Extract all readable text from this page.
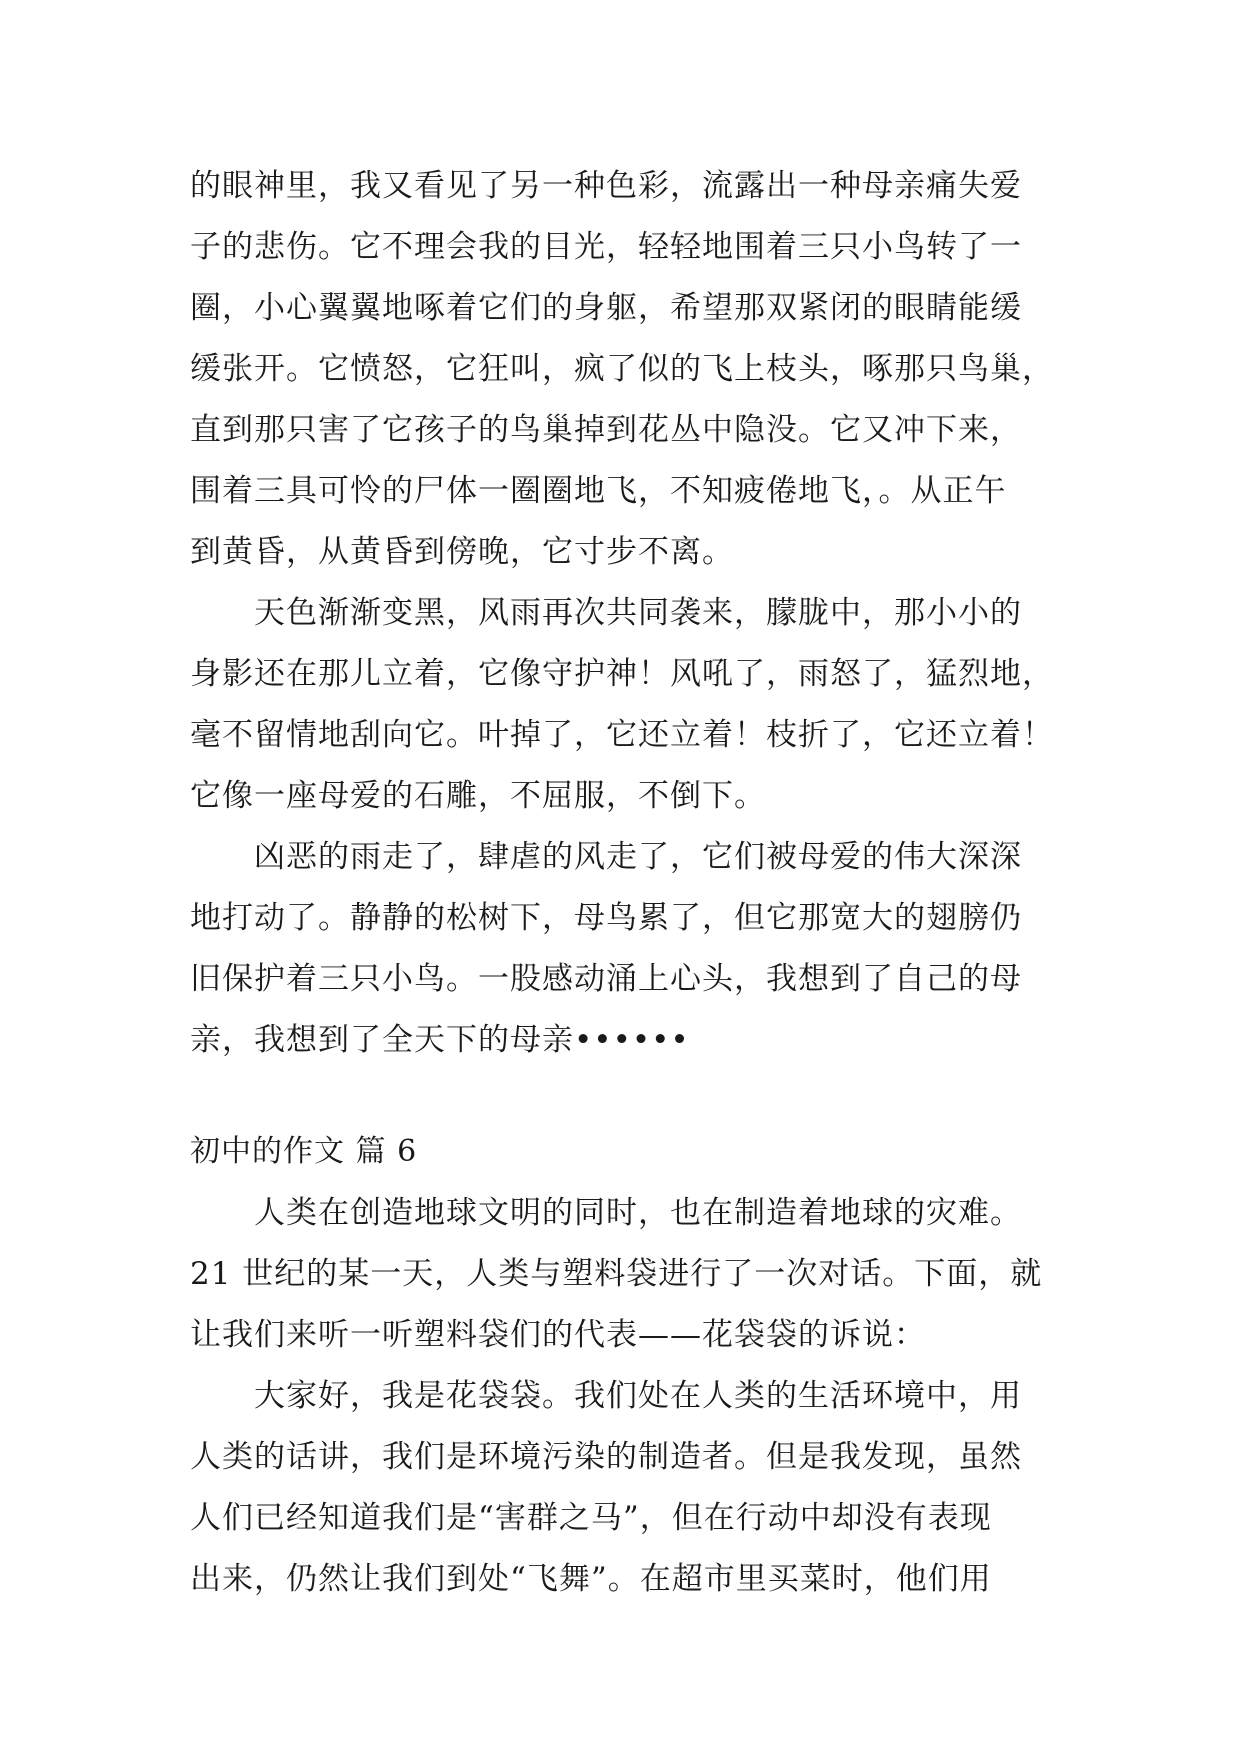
的眼神里，我又看见了另一种色彩，流露出一种母亲痛失爱
子的悲伤。它不理会我的目光，轻轻地围着三只小鸟转了一
圈，小心翼翼地啄着它们的身躯，希望那双紧闭的眼睛能缓
缓张开。它愤怒，它狂叫，疯了似的飞上枝头，啄那只鸟巢，
直到那只害了它孩子的鸟巢掉到花丛中隐没。它又冲下来，
围着三具可怜的尸体一圈圈地飞，不知疲倦地飞，。从正午
到黄昏，从黄昏到傍晚，它寸步不离。
　　天色渐渐变黑，风雨再次共同袭来，朦胧中，那小小的
身影还在那儿立着，它像守护神！风吼了，雨怒了，猛烈地，
毫不留情地刮向它。叶掉了，它还立着！枝折了，它还立着！
它像一座母爱的石雕，不屈服，不倒下。
　　凶恶的雨走了，肆虐的风走了，它们被母爱的伟大深深
地打动了。静静的松树下，母鸟累了，但它那宽大的翅膀仍
旧保护着三只小鸟。一股感动涌上心头，我想到了自己的母
亲，我想到了全天下的母亲••••••
初中的作文 篇 6
　　人类在创造地球文明的同时，也在制造着地球的灾难。
21 世纪的某一天，人类与塑料袋进行了一次对话。下面，就
让我们来听一听塑料袋们的代表——花袋袋的诉说：
　　大家好，我是花袋袋。我们处在人类的生活环境中，用
人类的话讲，我们是环境污染的制造者。但是我发现，虽然
人们已经知道我们是“害群之马”，但在行动中却没有表现
出来，仍然让我们到处“飞舞”。在超市里买菜时，他们用
